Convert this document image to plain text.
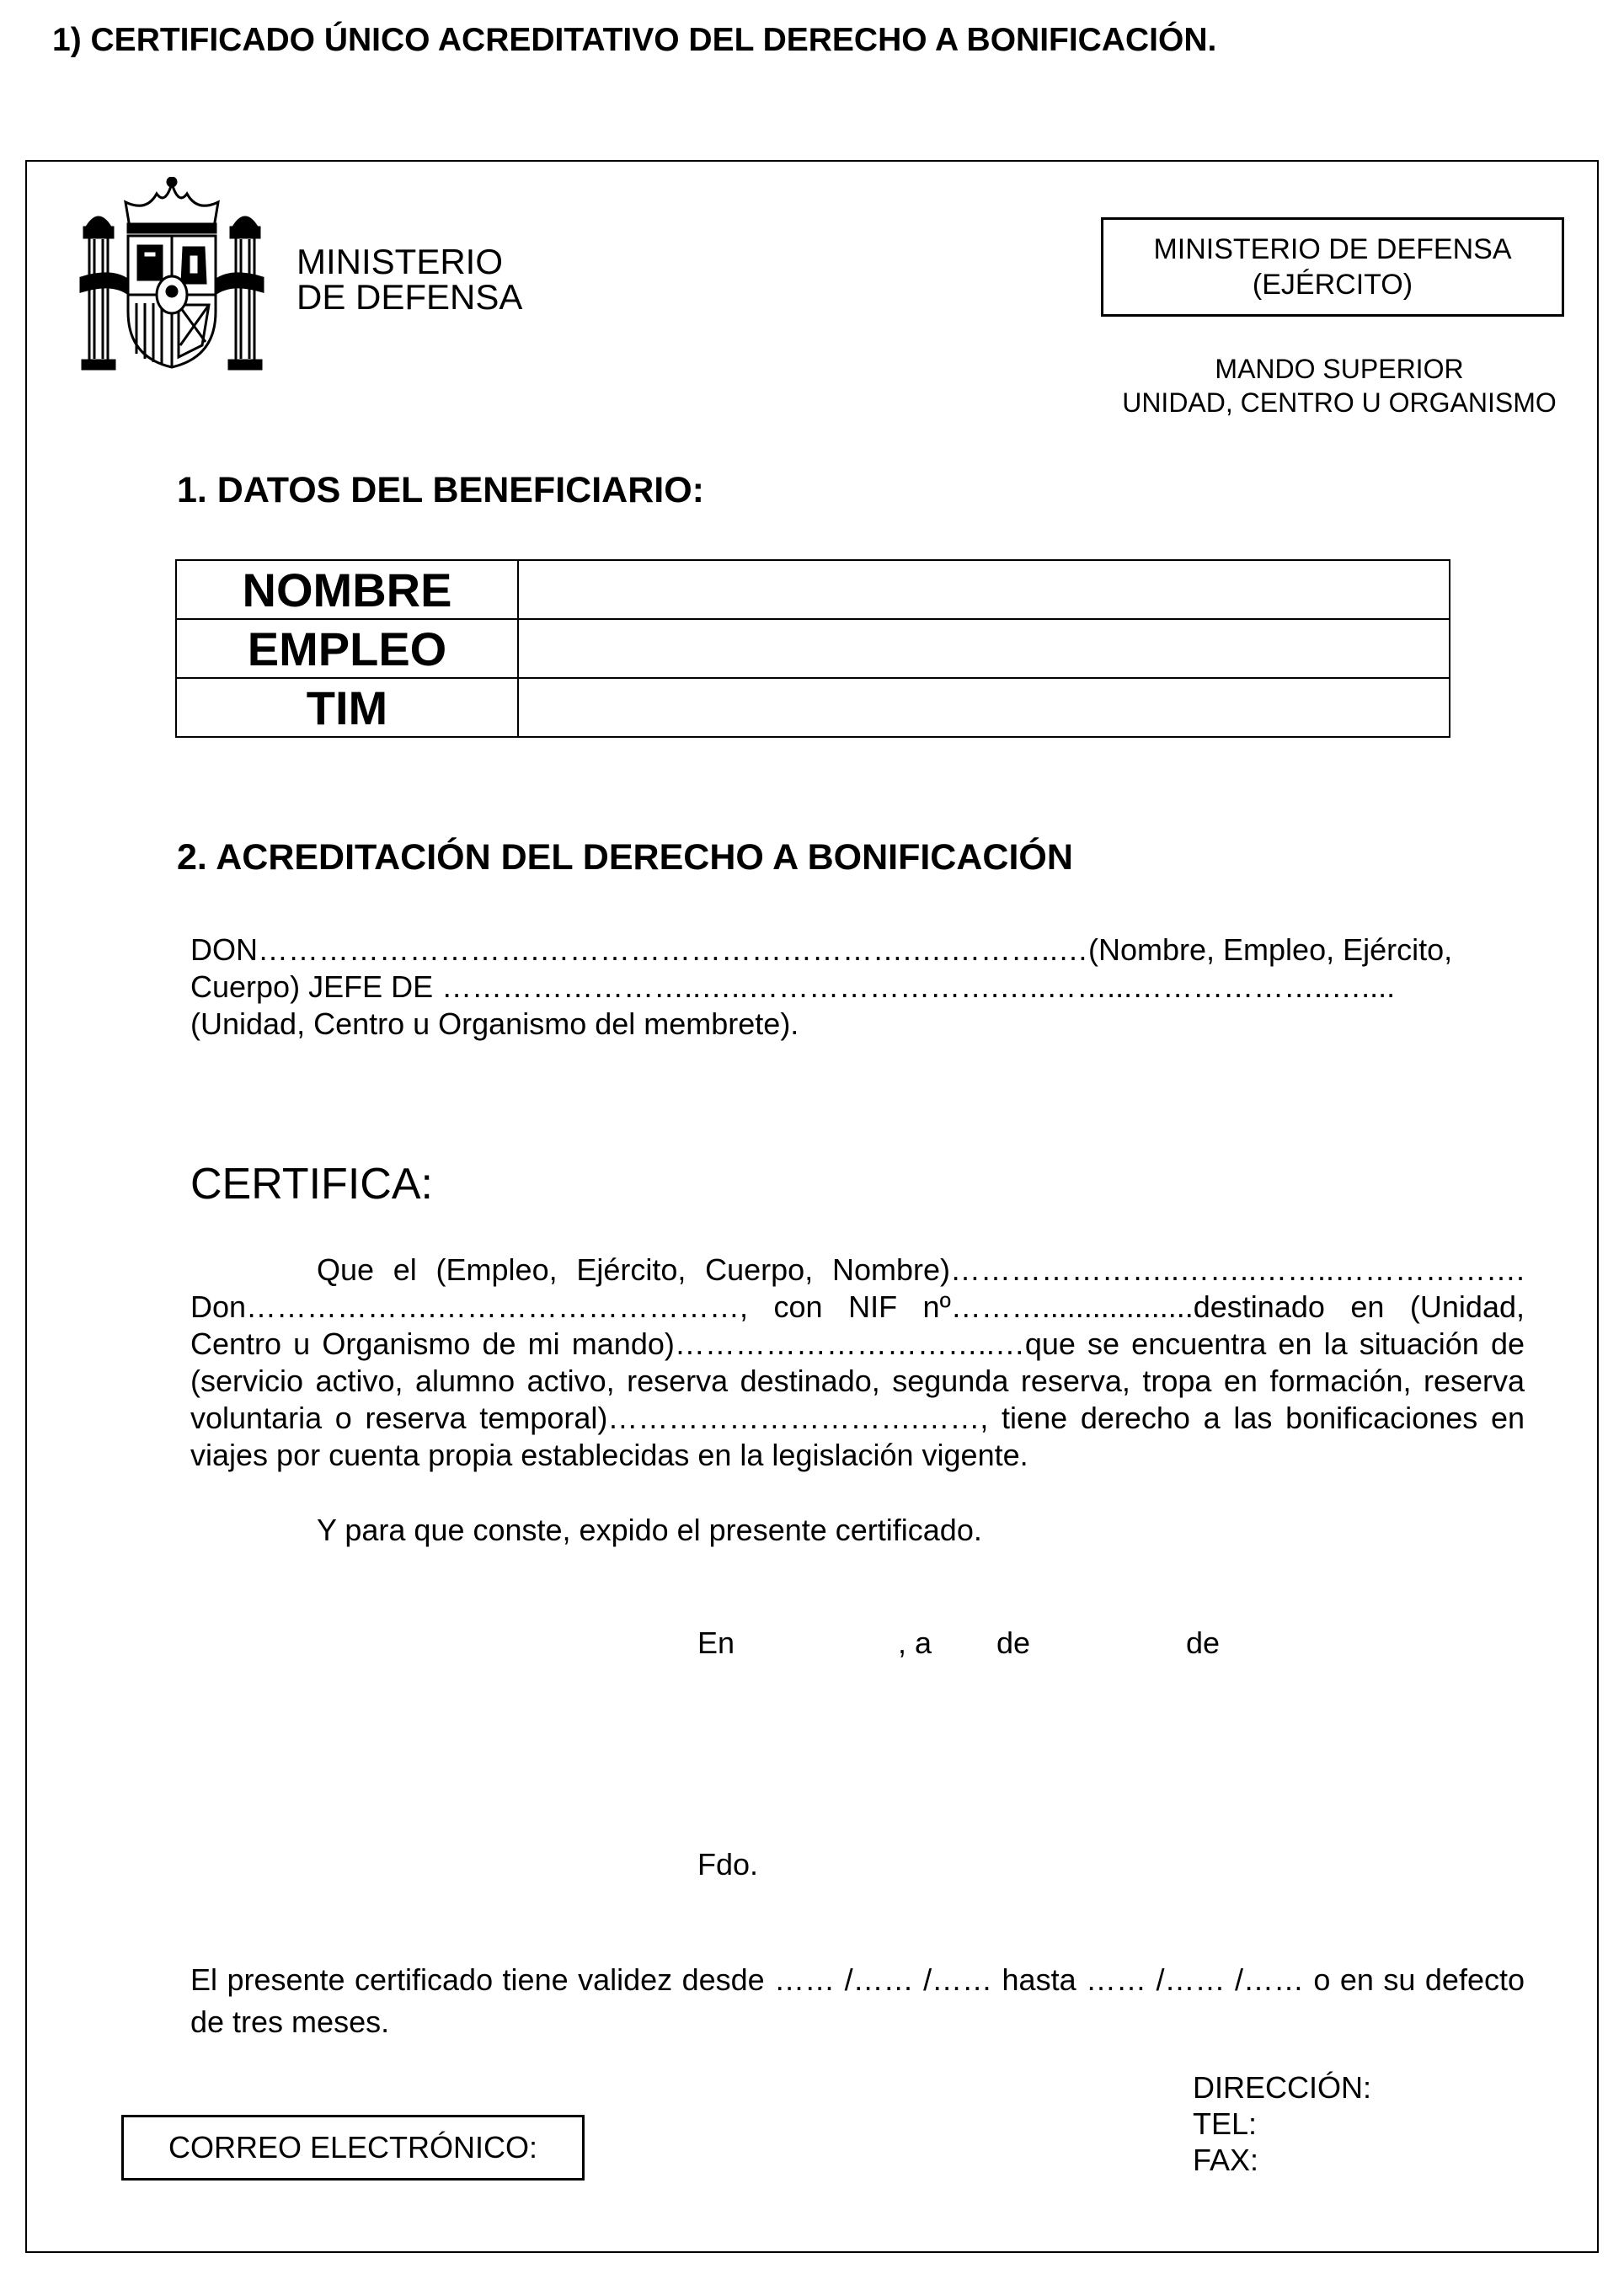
1) CERTIFICADO ÚNICO ACREDITATIVO DEL DERECHO A BONIFICACIÓN.
MINISTERIO
DE DEFENSA
MINISTERIO DE DEFENSA
(EJÉRCITO)
MANDO SUPERIOR
UNIDAD, CENTRO U ORGANISMO
1. DATOS DEL BENEFICIARIO:
NOMBRE	
EMPLEO	
TIM	
2. ACREDITACIÓN DEL DERECHO A BONIFICACIÓN
DON……………………….……………………………….….………..…(Nombre, Empleo, Ejército, Cuerpo) JEFE DE ……………………..…..…………………….…..……...………………..…....(Unidad, Centro u Organismo del membrete).
CERTIFICA:
Que el (Empleo, Ejército, Cuerpo, Nombre)…………………..……..……..………………. Don……………….…………………………, con NIF nº………..................destinado en (Unidad, Centro u Organismo de mi mando)…………………………..…que se encuentra en la situación de (servicio activo, alumno activo, reserva destinado, segunda reserva, tropa en formación, reserva voluntaria o reserva temporal)………………………….……, tiene derecho a las bonificaciones en viajes por cuenta propia establecidas en la legislación vigente.
Y para que conste, expido el presente certificado.
En	, a de	de
Fdo.
El presente certificado tiene validez desde …… /…… /…… hasta …… /…… /…… o en su defecto de tres meses.
CORREO ELECTRÓNICO:
DIRECCIÓN:
TEL:
FAX:
